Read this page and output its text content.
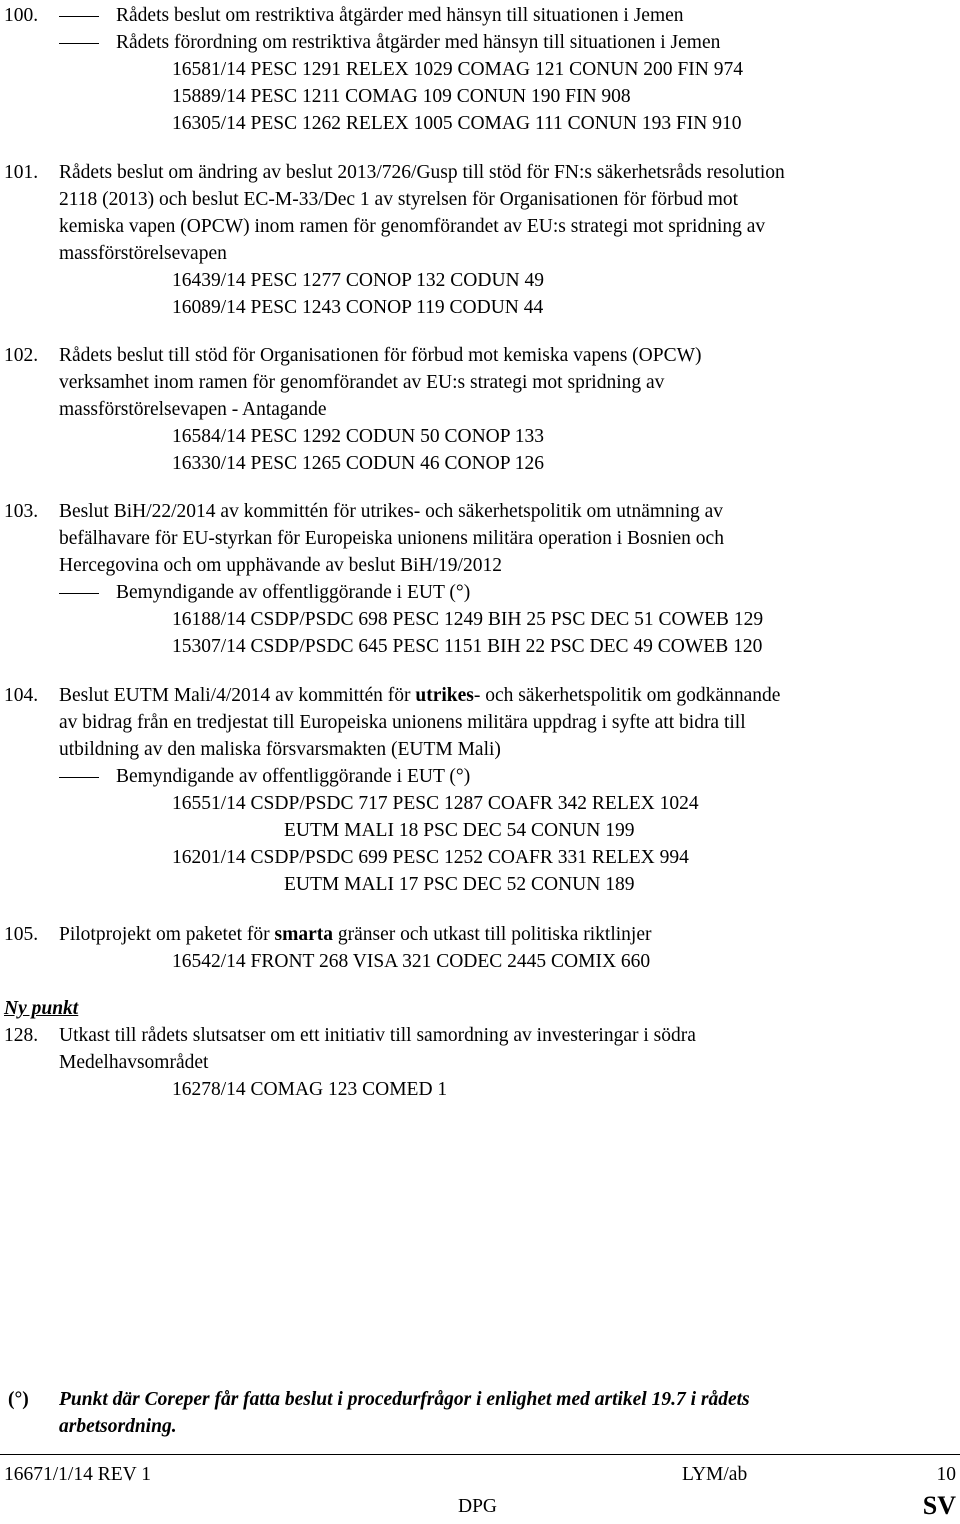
100.	Rådets beslut om restriktiva åtgärder med hänsyn till situationen i Jemen
Rådets förordning om restriktiva åtgärder med hänsyn till situationen i Jemen
16581/14 PESC 1291 RELEX 1029 COMAG 121 CONUN 200 FIN 974
15889/14 PESC 1211 COMAG 109 CONUN 190 FIN 908
16305/14 PESC 1262 RELEX 1005 COMAG 111 CONUN 193 FIN 910
101. Rådets beslut om ändring av beslut 2013/726/Gusp till stöd för FN:s säkerhetsråds resolution
2118 (2013) och beslut EC-M-33/Dec 1 av styrelsen för Organisationen för förbud mot
kemiska vapen (OPCW) inom ramen för genomförandet av EU:s strategi mot spridning av
massförstörelsevapen
16439/14 PESC 1277 CONOP 132 CODUN 49
16089/14 PESC 1243 CONOP 119 CODUN 44
102. Rådets beslut till stöd för Organisationen för förbud mot kemiska vapens (OPCW)
verksamhet inom ramen för genomförandet av EU:s strategi mot spridning av
massförstörelsevapen - Antagande
16584/14 PESC 1292 CODUN 50 CONOP 133
16330/14 PESC 1265 CODUN 46 CONOP 126
103. Beslut BiH/22/2014 av kommittén för utrikes- och säkerhetspolitik om utnämning av
befälhavare för EU-styrkan för Europeiska unionens militära operation i Bosnien och
Hercegovina och om upphävande av beslut BiH/19/2012
Bemyndigande av offentliggörande i EUT (°)
16188/14 CSDP/PSDC 698 PESC 1249 BIH 25 PSC DEC 51 COWEB 129
15307/14 CSDP/PSDC 645 PESC 1151 BIH 22 PSC DEC 49 COWEB 120
104. Beslut EUTM Mali/4/2014 av kommittén för utrikes- och säkerhetspolitik om godkännande
av bidrag från en tredjestat till Europeiska unionens militära uppdrag i syfte att bidra till
utbildning av den maliska försvarsmakten (EUTM Mali)
Bemyndigande av offentliggörande i EUT (°)
16551/14 CSDP/PSDC 717 PESC 1287 COAFR 342 RELEX 1024
EUTM MALI 18 PSC DEC 54 CONUN 199
16201/14 CSDP/PSDC 699 PESC 1252 COAFR 331 RELEX 994
EUTM MALI 17 PSC DEC 52 CONUN 189
105. Pilotprojekt om paketet för smarta gränser och utkast till politiska riktlinjer
16542/14 FRONT 268 VISA 321 CODEC 2445 COMIX 660
Ny punkt
128. Utkast till rådets slutsatser om ett initiativ till samordning av investeringar i södra
Medelhavsområdet
16278/14 COMAG 123 COMED 1
(°) Punkt där Coreper får fatta beslut i procedurfrågor i enlighet med artikel 19.7 i rådets
arbetsordning.
16671/1/14 REV 1	LYM/ab	10
DPG	SV
